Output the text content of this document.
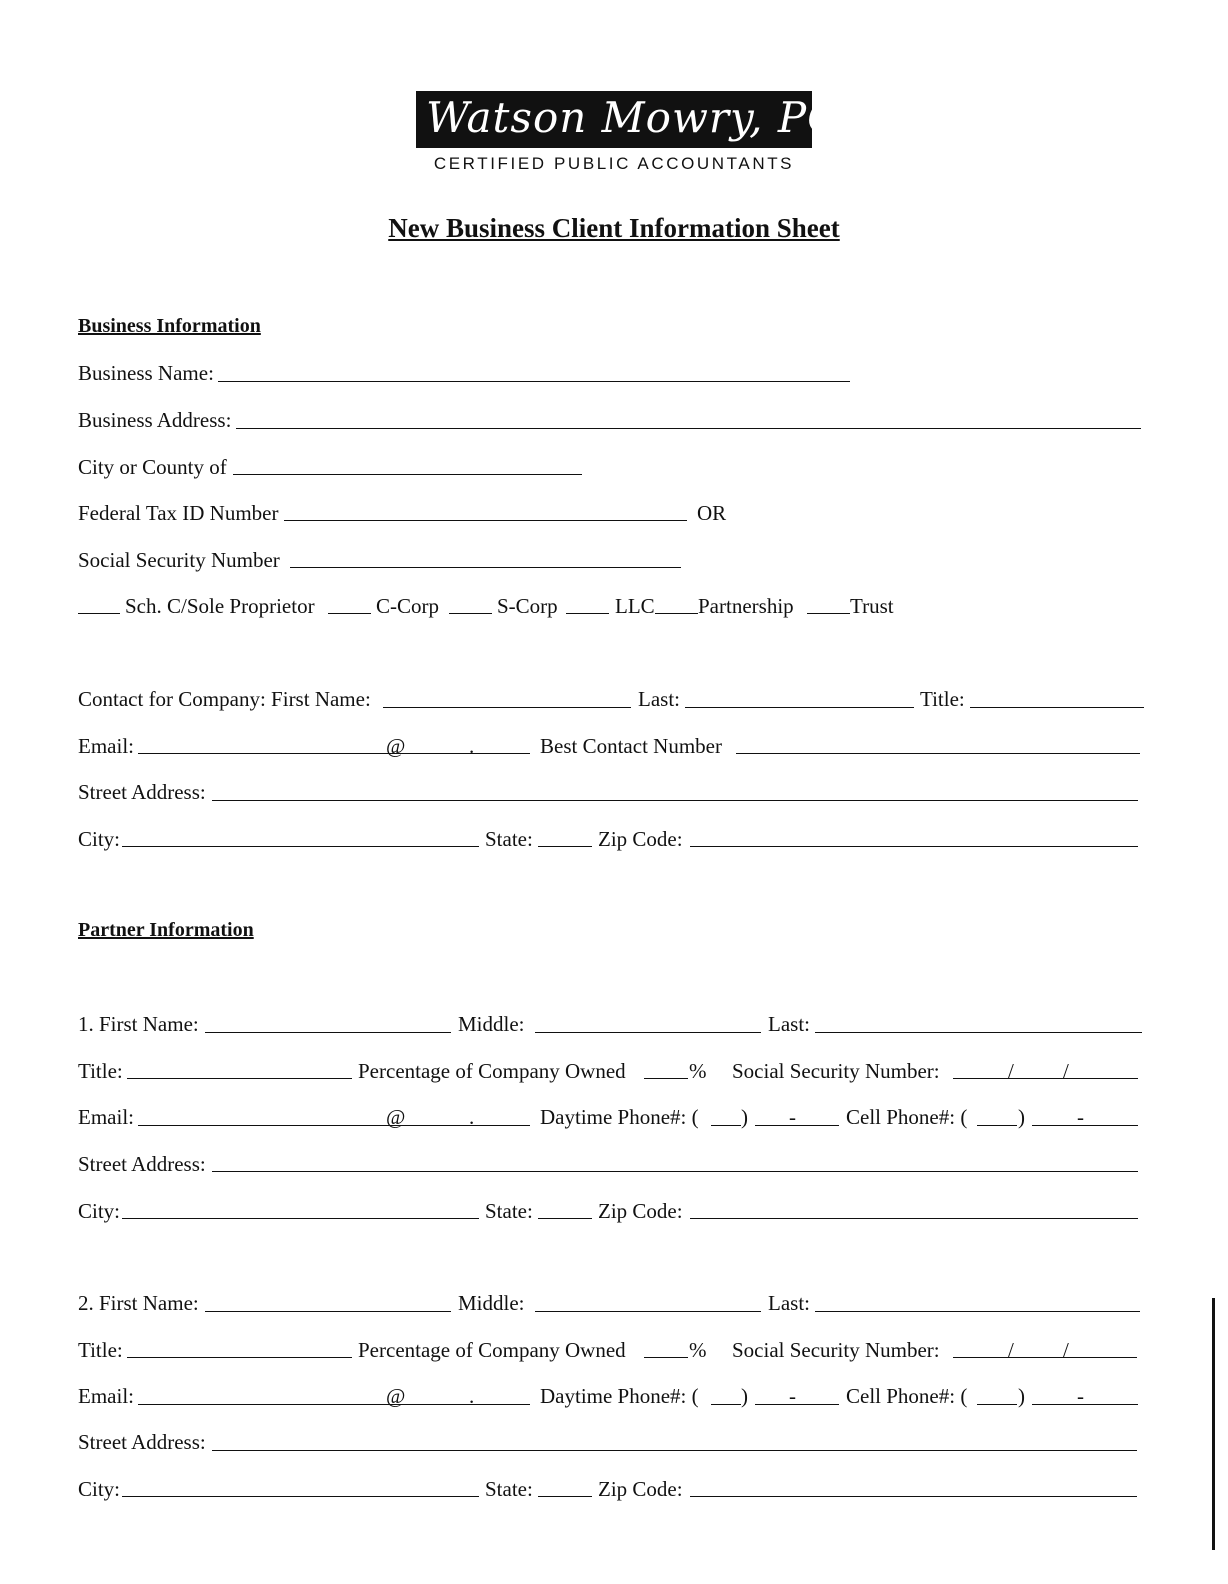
Watson Mowry, PC
CERTIFIED PUBLIC ACCOUNTANTS
New Business Client Information Sheet
Business Information
Business Name:
Business Address:
City or County of
Federal Tax ID Number	OR
Social Security Number
Sch. C/Sole Proprietor	C-Corp	S-Corp	LLC Partnership	Trust
Contact for Company: First Name:	Last:	Title:
Email:	@	.	Best Contact Number
Street Address:
City:	State:	Zip Code:
Partner Information
1. First Name:	Middle:	Last:
Title:	Percentage of Company Owned	% Social Security Number:	/ /
Email:	@	.	Daytime Phone#: ( ) - Cell Phone#: ( ) -
Street Address:
City:	State:	Zip Code:
2. First Name:	Middle:	Last:
Title:	Percentage of Company Owned	% Social Security Number:	/ /
Email:	@	.	Daytime Phone#: ( ) - Cell Phone#: ( ) -
Street Address:
City:	State:	Zip Code:
